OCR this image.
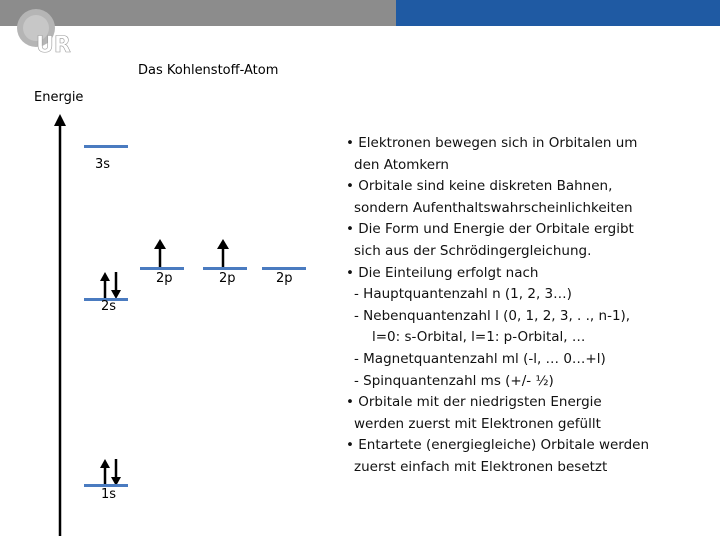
UR
Das Kohlenstoff-Atom
Energie
3s
2s
2p	2p	2p
1s
• Elektronen bewegen sich in Orbitalen um
den Atomkern
• Orbitale sind keine diskreten Bahnen,
sondern Aufenthaltswahrscheinlichkeiten
• Die Form und Energie der Orbitale ergibt
sich aus der Schrödingergleichung.
• Die Einteilung erfolgt nach
- Hauptquantenzahl n (1, 2, 3…)
- Nebenquantenzahl l (0, 1, 2, 3, . ., n-1),
l=0: s-Orbital, l=1: p-Orbital, …
- Magnetquantenzahl ml (-l, … 0…+l)
- Spinquantenzahl ms (+/- ½)
• Orbitale mit der niedrigsten Energie
werden zuerst mit Elektronen gefüllt
• Entartete (energiegleiche) Orbitale werden
zuerst einfach mit Elektronen besetzt
